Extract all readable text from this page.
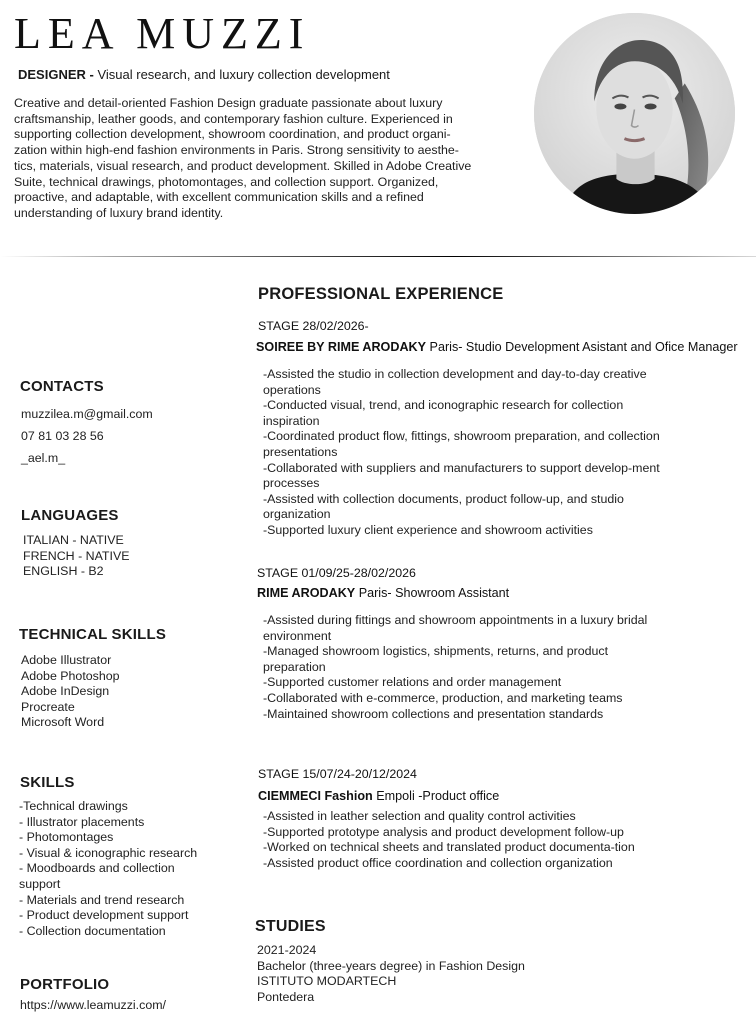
LEA MUZZI
DESIGNER - Visual research, and luxury collection development
Creative and detail-oriented Fashion Design graduate passionate about luxury craftsmanship, leather goods, and contemporary fashion culture. Experienced in supporting collection development, showroom coordination, and product organi-zation within high-end fashion environments in Paris. Strong sensitivity to aesthe-tics, materials, visual research, and product development. Skilled in Adobe Creative Suite, technical drawings, photomontages, and collection support. Organized, proactive, and adaptable, with excellent communication skills and a refined understanding of luxury brand identity.
PROFESSIONAL EXPERIENCE
STAGE 28/02/2026-
SOIREE BY RIME ARODAKY Paris- Studio Development Asistant and Ofice Manager
-Assisted the studio in collection development and day-to-day creative operations
-Conducted visual, trend, and iconographic research for collection inspiration
-Coordinated product flow, fittings, showroom preparation, and collection presentations
-Collaborated with suppliers and manufacturers to support develop-ment processes
-Assisted with collection documents, product follow-up, and studio organization
-Supported luxury client experience and showroom activities
STAGE 01/09/25-28/02/2026
RIME ARODAKY Paris- Showroom Assistant
-Assisted during fittings and showroom appointments in a luxury bridal environment
-Managed showroom logistics, shipments, returns, and product preparation
-Supported customer relations and order management
-Collaborated with e-commerce, production, and marketing teams
-Maintained showroom collections and presentation standards
STAGE 15/07/24-20/12/2024
CIEMMECI Fashion Empoli -Product office
-Assisted in leather selection and quality control activities
-Supported prototype analysis and product development follow-up
-Worked on technical sheets and translated product documenta-tion
-Assisted product office coordination and collection organization
STUDIES
2021-2024
Bachelor (three-years degree) in Fashion Design
ISTITUTO MODARTECH
Pontedera
CONTACTS
muzzilea.m@gmail.com
07 81 03 28 56
_ael.m_
LANGUAGES
ITALIAN - NATIVE
FRENCH - NATIVE
ENGLISH - B2
TECHNICAL SKILLS
Adobe Illustrator
Adobe Photoshop
Adobe InDesign
Procreate
Microsoft Word
SKILLS
-Technical drawings
- Illustrator placements
- Photomontages
- Visual & iconographic research
- Moodboards and collection support
- Materials and trend research
- Product development support
- Collection documentation
PORTFOLIO
https://www.leamuzzi.com/
